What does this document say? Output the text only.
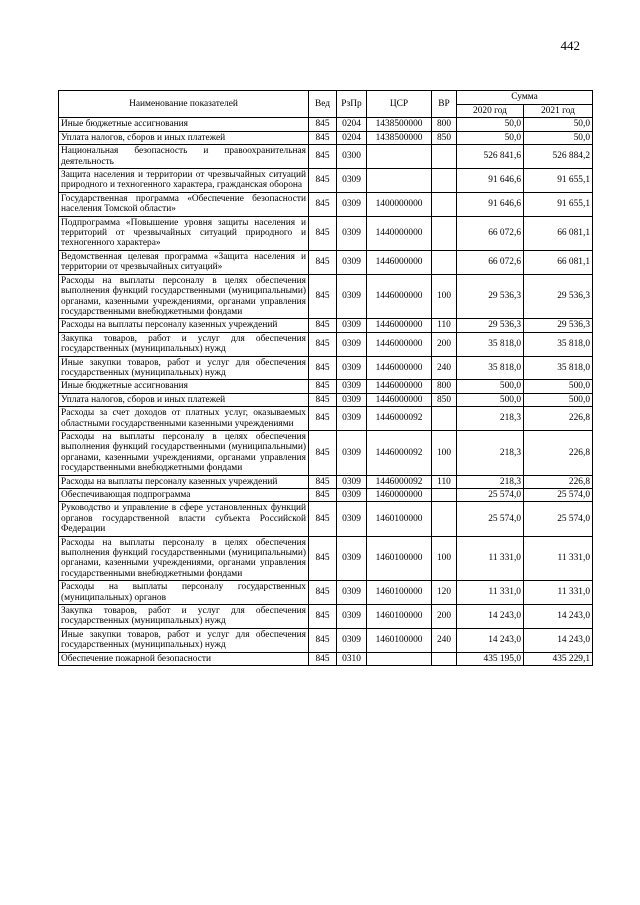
442
Наименование показателей	Вед	РзПр	ЦСР	ВР	Сумма	
					2020 год	2021 год
Иные бюджетные ассигнования	845	0204	1438500000	800	50,0	50,0
Уплата налогов, сборов и иных платежей	845	0204	1438500000	850	50,0	50,0
Национальная безопасность и правоохранительная деятельность	845	0300			526 841,6	526 884,2
Защита населения и территории от чрезвычайных ситуаций природного и техногенного характера, гражданская оборона	845	0309			91 646,6	91 655,1
Государственная программа «Обеспечение безопасности населения Томской области»	845	0309	1400000000		91 646,6	91 655,1
Подпрограмма «Повышение уровня защиты населения и территорий от чрезвычайных ситуаций природного и техногенного характера»	845	0309	1440000000		66 072,6	66 081,1
Ведомственная целевая программа «Защита населения и территории от чрезвычайных ситуаций»	845	0309	1446000000		66 072,6	66 081,1
Расходы на выплаты персоналу в целях обеспечения выполнения функций государственными (муниципальными) органами, казенными учреждениями, органами управления государственными внебюджетными фондами	845	0309	1446000000	100	29 536,3	29 536,3
Расходы на выплаты персоналу казенных учреждений	845	0309	1446000000	110	29 536,3	29 536,3
Закупка товаров, работ и услуг для обеспечения государственных (муниципальных) нужд	845	0309	1446000000	200	35 818,0	35 818,0
Иные закупки товаров, работ и услуг для обеспечения государственных (муниципальных) нужд	845	0309	1446000000	240	35 818,0	35 818,0
Иные бюджетные ассигнования	845	0309	1446000000	800	500,0	500,0
Уплата налогов, сборов и иных платежей	845	0309	1446000000	850	500,0	500,0
Расходы за счет доходов от платных услуг, оказываемых областными государственными казенными учреждениями	845	0309	1446000092		218,3	226,8
Расходы на выплаты персоналу в целях обеспечения выполнения функций государственными (муниципальными) органами, казенными учреждениями, органами управления государственными внебюджетными фондами	845	0309	1446000092	100	218,3	226,8
Расходы на выплаты персоналу казенных учреждений	845	0309	1446000092	110	218,3	226,8
Обеспечивающая подпрограмма	845	0309	1460000000		25 574,0	25 574,0
Руководство и управление в сфере установленных функций органов государственной власти субъекта Российской Федерации	845	0309	1460100000		25 574,0	25 574,0
Расходы на выплаты персоналу в целях обеспечения выполнения функций государственными (муниципальными) органами, казенными учреждениями, органами управления государственными внебюджетными фондами	845	0309	1460100000	100	11 331,0	11 331,0
Расходы на выплаты персоналу государственных (муниципальных) органов	845	0309	1460100000	120	11 331,0	11 331,0
Закупка товаров, работ и услуг для обеспечения государственных (муниципальных) нужд	845	0309	1460100000	200	14 243,0	14 243,0
Иные закупки товаров, работ и услуг для обеспечения государственных (муниципальных) нужд	845	0309	1460100000	240	14 243,0	14 243,0
Обеспечение пожарной безопасности	845	0310			435 195,0	435 229,1
